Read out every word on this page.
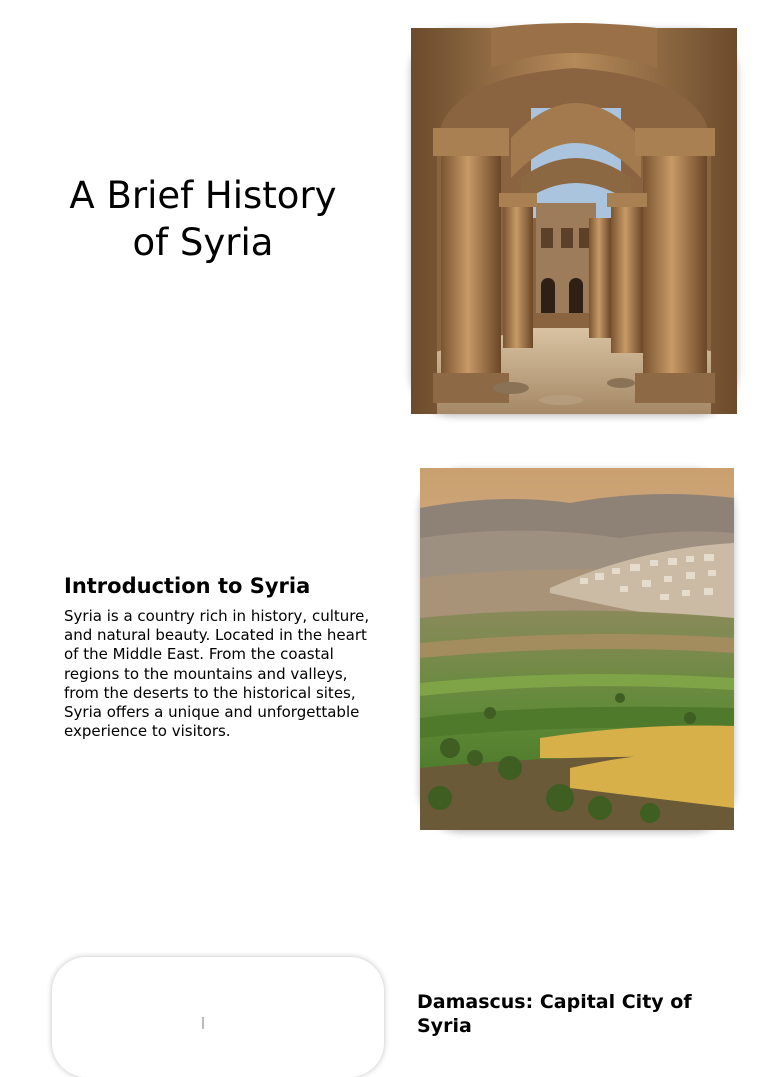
A Brief History of Syria
Introduction to Syria

Syria is a country rich in history, culture, and natural beauty. Located in the heart of the Middle East. From the coastal regions to the mountains and valleys, from the deserts to the historical sites, Syria offers a unique and unforgettable experience to visitors.

Damascus: Capital City of Syria
